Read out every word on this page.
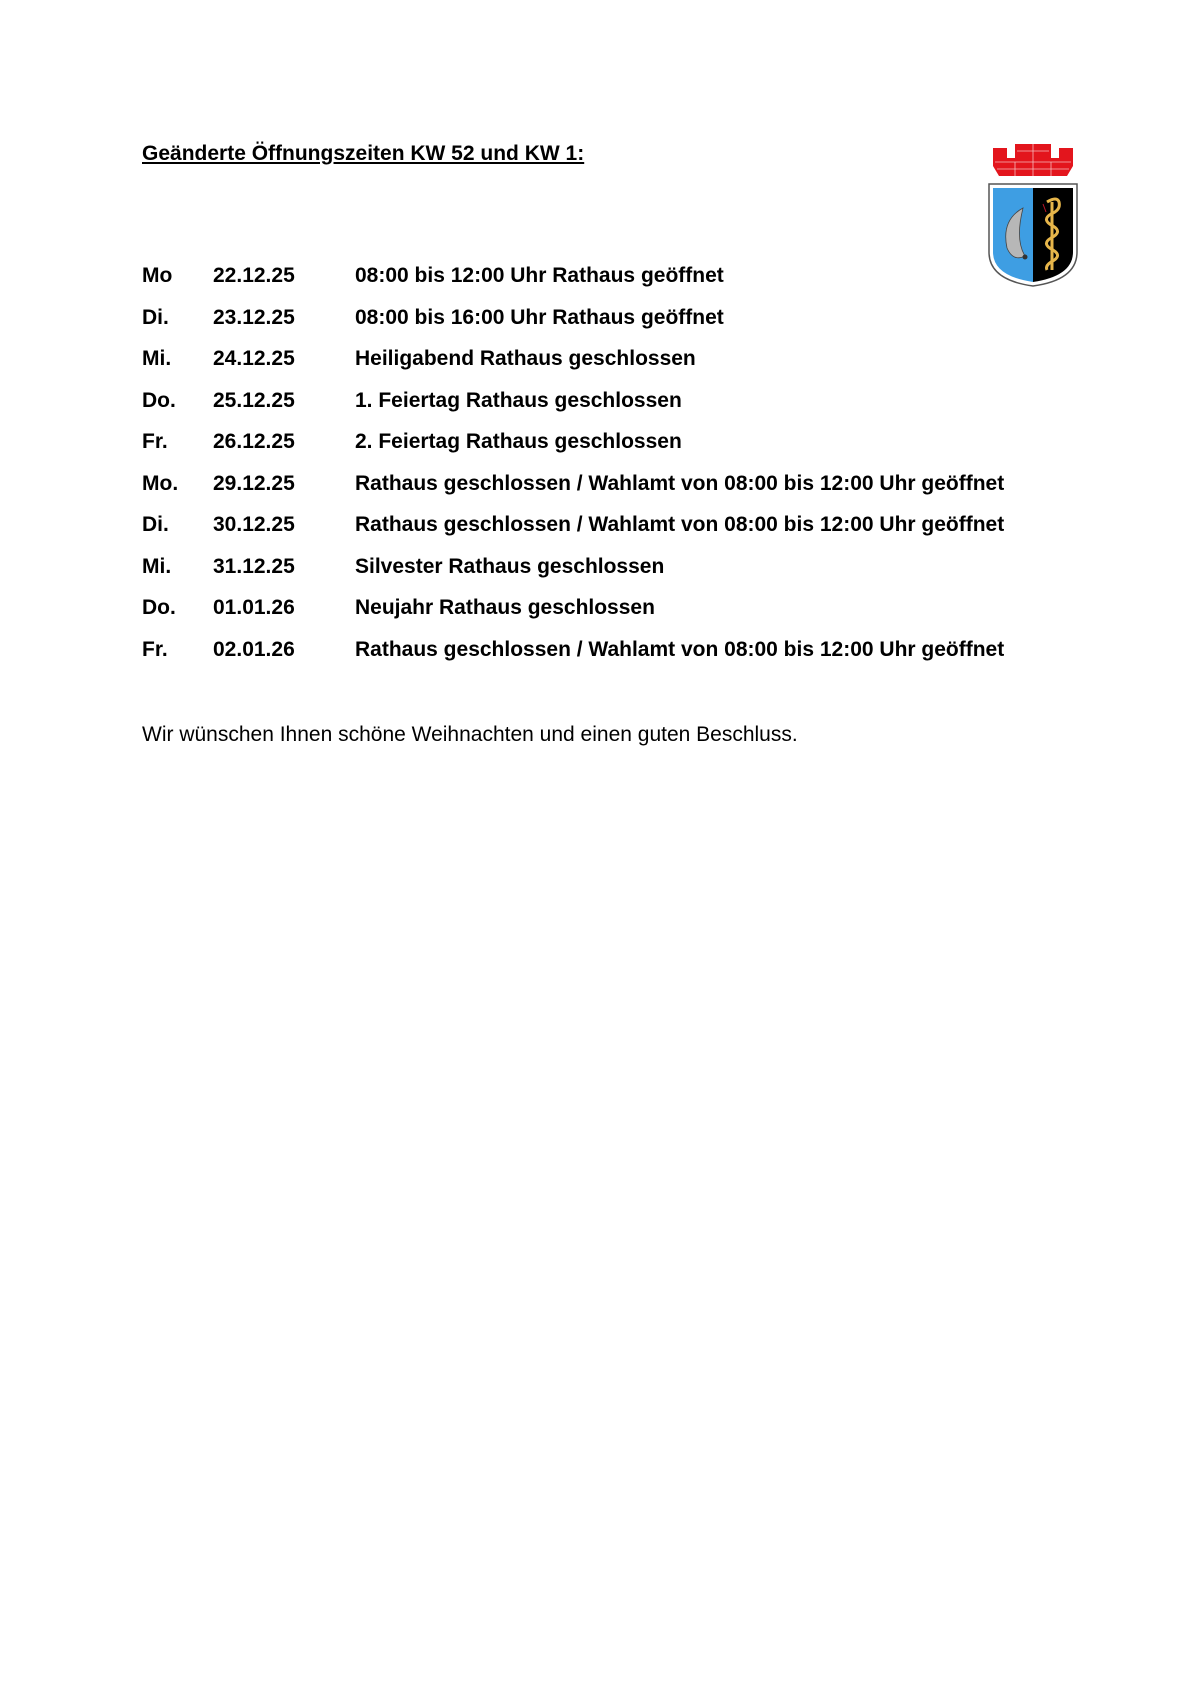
Geänderte Öffnungszeiten KW 52 und KW 1:
Mo	22.12.25	08:00 bis 12:00 Uhr Rathaus geöffnet
Di.	23.12.25	08:00 bis 16:00 Uhr Rathaus geöffnet
Mi.	24.12.25	Heiligabend Rathaus geschlossen
Do.	25.12.25	1. Feiertag Rathaus geschlossen
Fr.	26.12.25	2. Feiertag Rathaus geschlossen
Mo.	29.12.25	Rathaus geschlossen / Wahlamt von 08:00 bis 12:00 Uhr geöffnet
Di.	30.12.25	Rathaus geschlossen / Wahlamt von 08:00 bis 12:00 Uhr geöffnet
Mi.	31.12.25	Silvester Rathaus geschlossen
Do.	01.01.26	Neujahr Rathaus geschlossen
Fr.	02.01.26	Rathaus geschlossen / Wahlamt von 08:00 bis 12:00 Uhr geöffnet

Wir wünschen Ihnen schöne Weihnachten und einen guten Beschluss.
